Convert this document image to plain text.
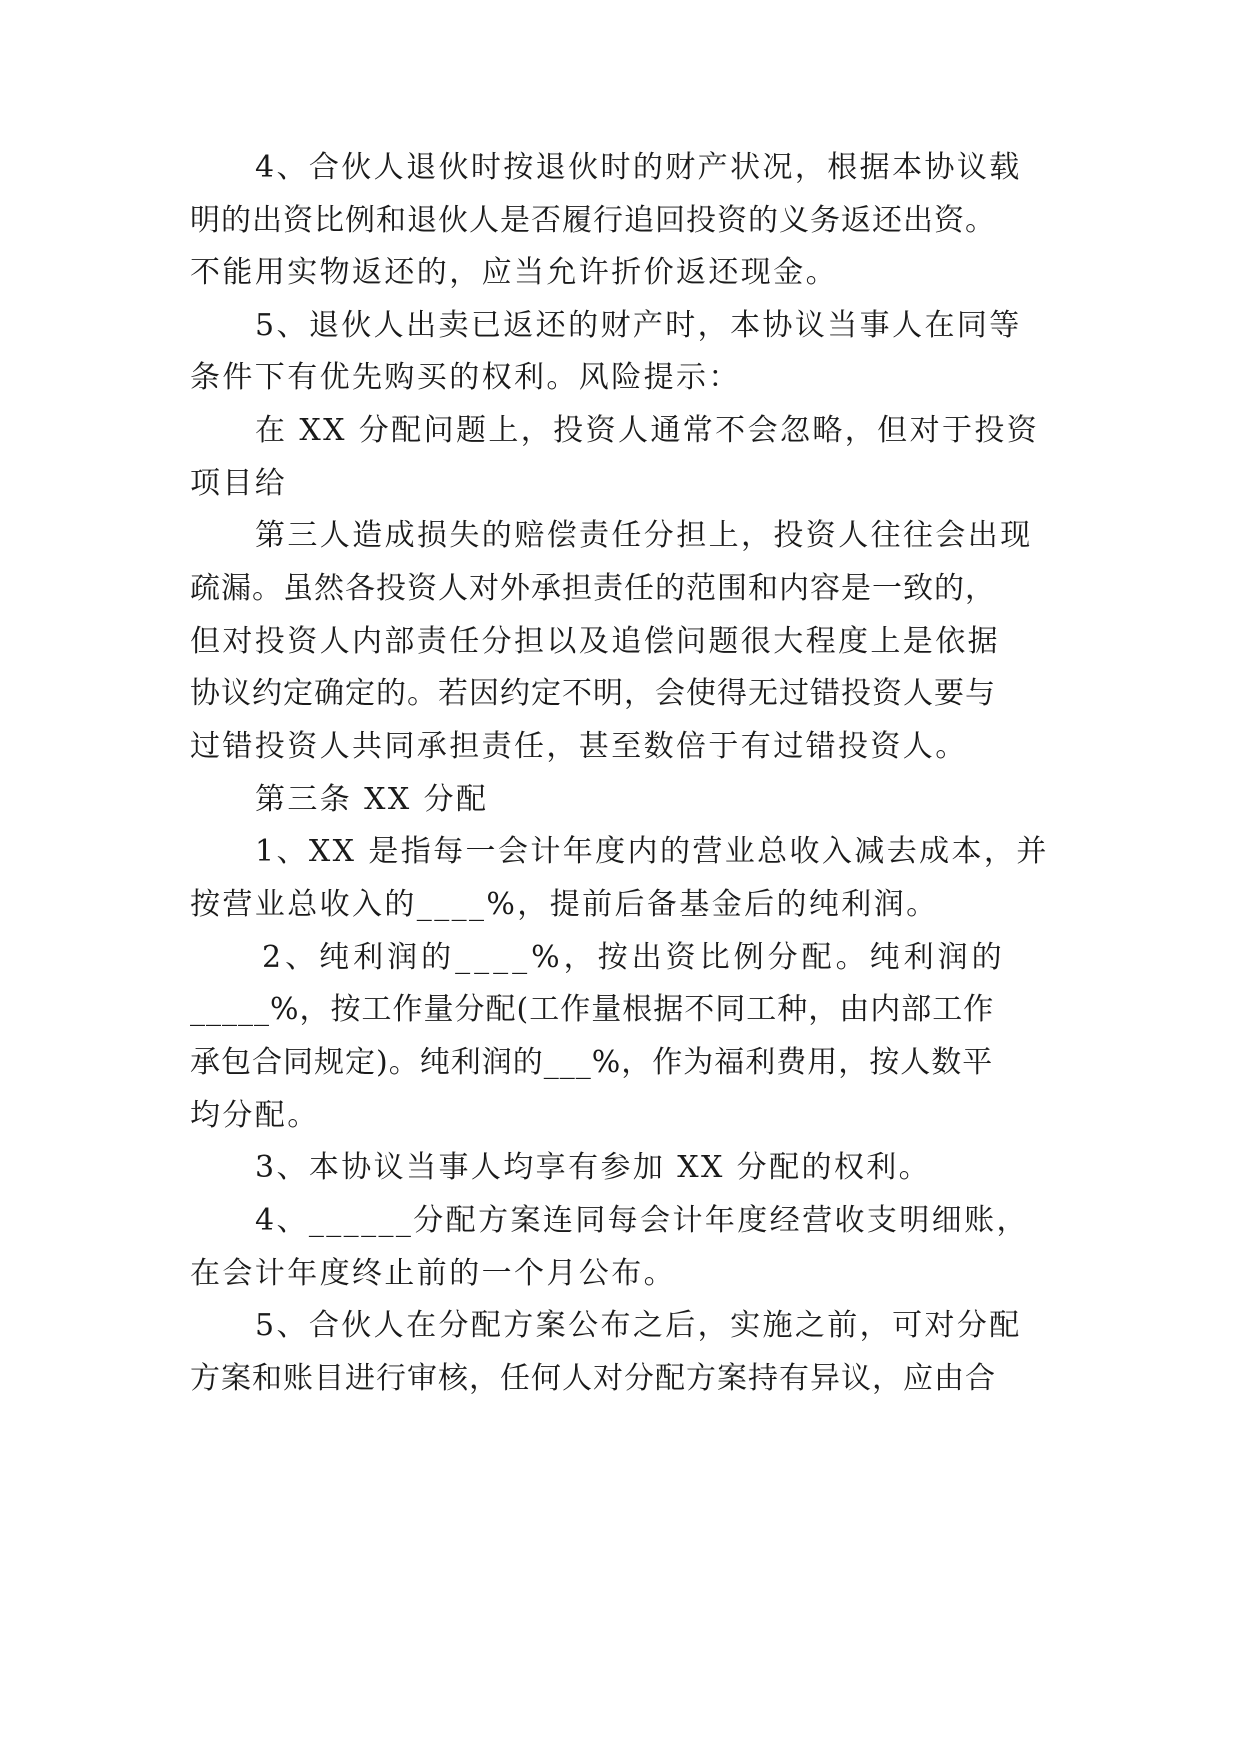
4、合伙人退伙时按退伙时的财产状况，根据本协议载
明的出资比例和退伙人是否履行追回投资的义务返还出资。
不能用实物返还的，应当允许折价返还现金。
5、退伙人出卖已返还的财产时，本协议当事人在同等
条件下有优先购买的权利。风险提示：
在 XX 分配问题上，投资人通常不会忽略，但对于投资
项目给
第三人造成损失的赔偿责任分担上，投资人往往会出现
疏漏。虽然各投资人对外承担责任的范围和内容是一致的，
但对投资人内部责任分担以及追偿问题很大程度上是依据
协议约定确定的。若因约定不明，会使得无过错投资人要与
过错投资人共同承担责任，甚至数倍于有过错投资人。
第三条 XX 分配
1、XX 是指每一会计年度内的营业总收入减去成本，并
按营业总收入的____%，提前后备基金后的纯利润。
2、纯利润的____%，按出资比例分配。纯利润的
_____%，按工作量分配(工作量根据不同工种，由内部工作
承包合同规定)。纯利润的___%，作为福利费用，按人数平
均分配。
3、本协议当事人均享有参加 XX 分配的权利。
4、______分配方案连同每会计年度经营收支明细账，
在会计年度终止前的一个月公布。
5、合伙人在分配方案公布之后，实施之前，可对分配
方案和账目进行审核，任何人对分配方案持有异议，应由合
